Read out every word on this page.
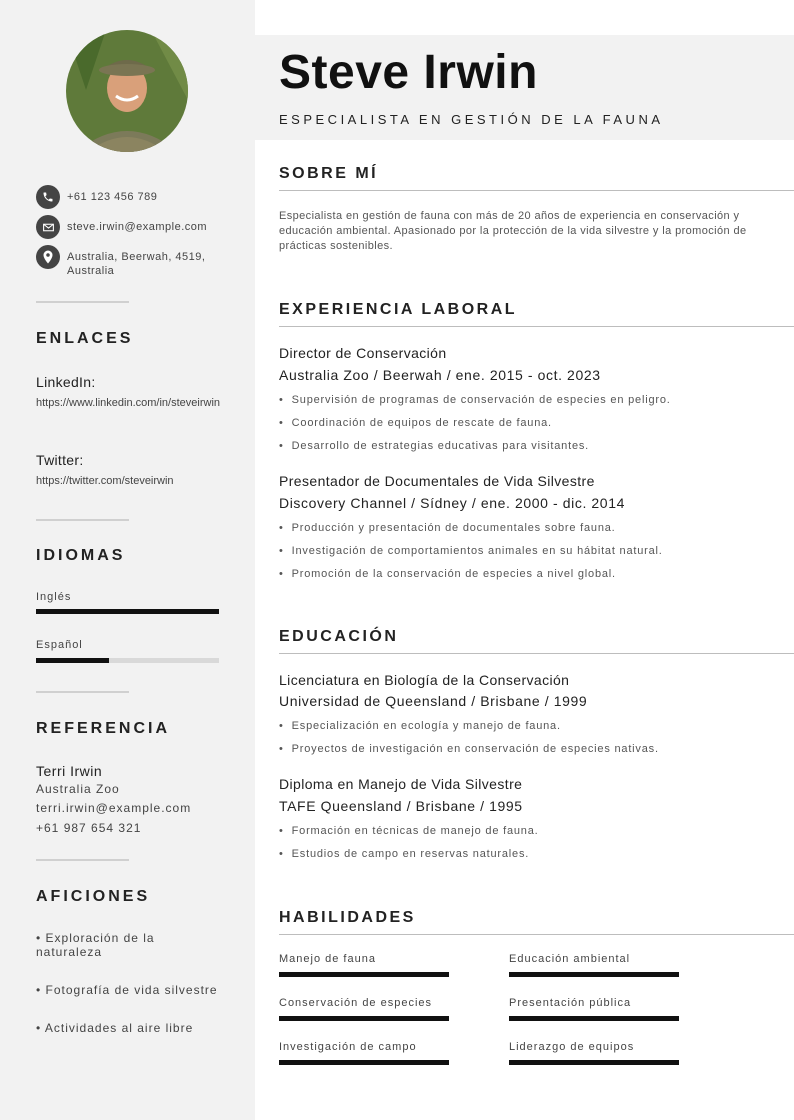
+61 123 456 789
steve.irwin@example.com
Australia, Beerwah, 4519, Australia
ENLACES
LinkedIn:
https://www.linkedin.com/in/steveirwin
Twitter:
https://twitter.com/steveirwin
IDIOMAS
Inglés
Español
REFERENCIA
Terri Irwin
Australia Zoo
terri.irwin@example.com
+61 987 654 321
AFICIONES
• Exploración de la naturaleza
• Fotografía de vida silvestre
• Actividades al aire libre
Steve Irwin
ESPECIALISTA EN GESTIÓN DE LA FAUNA
SOBRE MÍ
Especialista en gestión de fauna con más de 20 años de experiencia en conservación y educación ambiental. Apasionado por la protección de la vida silvestre y la promoción de prácticas sostenibles.
EXPERIENCIA LABORAL
Director de Conservación
Australia Zoo / Beerwah / ene. 2015 - oct. 2023
• Supervisión de programas de conservación de especies en peligro.
• Coordinación de equipos de rescate de fauna.
• Desarrollo de estrategias educativas para visitantes.
Presentador de Documentales de Vida Silvestre
Discovery Channel / Sídney / ene. 2000 - dic. 2014
• Producción y presentación de documentales sobre fauna.
• Investigación de comportamientos animales en su hábitat natural.
• Promoción de la conservación de especies a nivel global.
EDUCACIÓN
Licenciatura en Biología de la Conservación
Universidad de Queensland / Brisbane / 1999
• Especialización en ecología y manejo de fauna.
• Proyectos de investigación en conservación de especies nativas.
Diploma en Manejo de Vida Silvestre
TAFE Queensland / Brisbane / 1995
• Formación en técnicas de manejo de fauna.
• Estudios de campo en reservas naturales.
HABILIDADES
Manejo de fauna	Educación ambiental
Conservación de especies	Presentación pública
Investigación de campo	Liderazgo de equipos
